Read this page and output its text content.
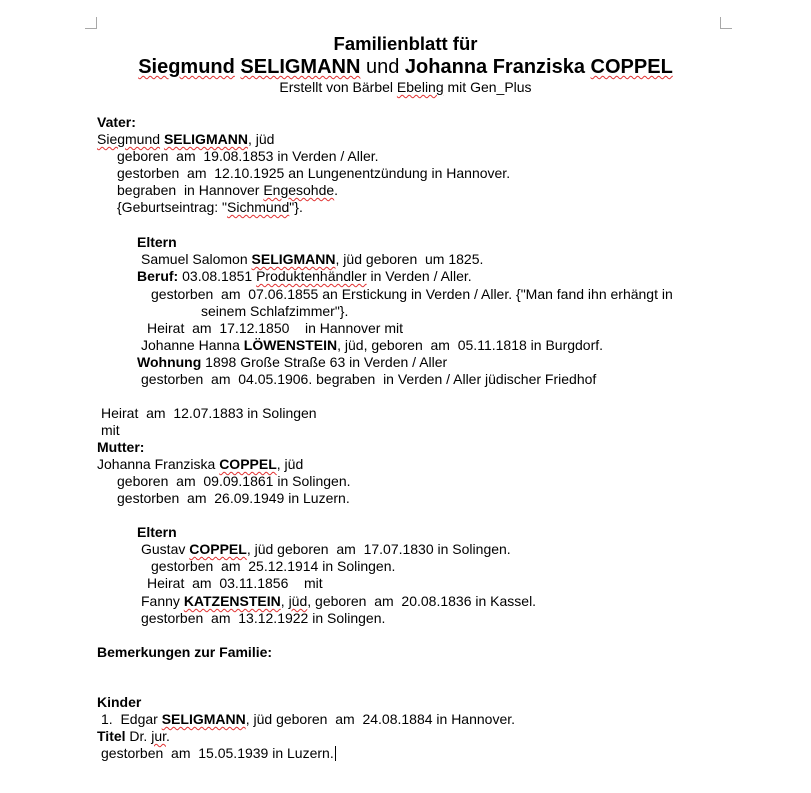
Familienblatt für
Siegmund SELIGMANN und Johanna Franziska COPPEL
Erstellt von Bärbel Ebeling mit Gen_Plus
Vater:
Siegmund SELIGMANN, jüd
geboren  am  19.08.1853 in Verden / Aller.
gestorben  am  12.10.1925 an Lungenentzündung in Hannover.
begraben  in Hannover Engesohde.
{Geburtseintrag: "Sichmund"}.
Eltern
Samuel Salomon SELIGMANN, jüd geboren  um 1825.
Beruf: 03.08.1851 Produktenhändler in Verden / Aller.
gestorben  am  07.06.1855 an Erstickung in Verden / Aller. {"Man fand ihn erhängt in
seinem Schlafzimmer"}.
Heirat  am  17.12.1850    in Hannover mit
Johanne Hanna LÖWENSTEIN, jüd, geboren  am  05.11.1818 in Burgdorf.
Wohnung 1898 Große Straße 63 in Verden / Aller
gestorben  am  04.05.1906. begraben  in Verden / Aller jüdischer Friedhof
Heirat  am  12.07.1883 in Solingen
mit
Mutter:
Johanna Franziska COPPEL, jüd
geboren  am  09.09.1861 in Solingen.
gestorben  am  26.09.1949 in Luzern.
Eltern
Gustav COPPEL, jüd geboren  am  17.07.1830 in Solingen.
gestorben  am  25.12.1914 in Solingen.
Heirat  am  03.11.1856    mit
Fanny KATZENSTEIN, jüd, geboren  am  20.08.1836 in Kassel.
gestorben  am  13.12.1922 in Solingen.
Bemerkungen zur Familie:
Kinder
1.  Edgar SELIGMANN, jüd geboren  am  24.08.1884 in Hannover.
Titel Dr. jur.
gestorben  am  15.05.1939 in Luzern.
